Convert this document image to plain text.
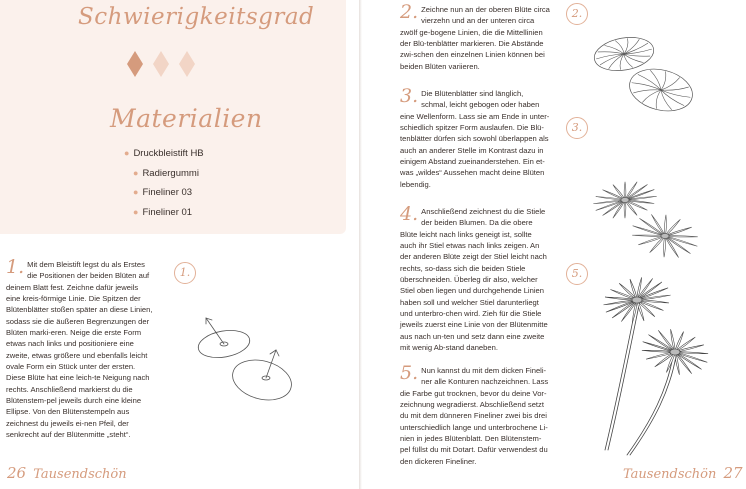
Schwierigkeitsgrad
Materialien
● Druckbleistift HB
● Radiergummi
● Fineliner 03
● Fineliner 01

1. Mit dem Bleistift legst du als Erstes die Positionen der beiden Blüten auf deinem Blatt fest. Zeichne dafür jeweils eine kreis-förmige Linie. Die Spitzen der Blütenblätter stoßen später an diese Linien, sodass sie die äußeren Begrenzungen der Blüten marki-eren. Neige die erste Form etwas nach links und positioniere eine zweite, etwas größere und ebenfalls leicht ovale Form ein Stück unter der ersten. Diese Blüte hat eine leich-te Neigung nach rechts. Anschließend markierst du die Blütenstem-pel jeweils durch eine kleine Ellipse. Von den Blütenstempeln aus zeichnest du jeweils ei-nen Pfeil, der senkrecht auf der Blütenmitte „steht“.

1.
26 Tausendschön

2. Zeichne nun an der oberen Blüte circa vierzehn und an der unteren circa zwölf ge-bogene Linien, die die Mittellinien der Blü-tenblätter markieren. Die Abstände zwi-schen den einzelnen Linien können bei beiden Blüten variieren.

3. Die Blütenblätter sind länglich, schmal, leicht gebogen oder haben eine Wellenform. Lass sie am Ende in unter-schiedlich spitzer Form auslaufen. Die Blü-tenblätter dürfen sich sowohl überlappen als auch an anderer Stelle im Kontrast dazu in einigem Abstand zueinanderstehen. Ein et-was „wildes“ Aussehen macht deine Blüten lebendig.

4. Anschließend zeichnest du die Stiele der beiden Blumen. Da die obere Blüte leicht nach links geneigt ist, sollte auch ihr Stiel etwas nach links zeigen. An der anderen Blüte zeigt der Stiel leicht nach rechts, so-dass sich die beiden Stiele überschneiden. Überleg dir also, welcher Stiel oben liegen und durchgehende Linien haben soll und welcher Stiel darunterliegt und unterbro-chen wird. Zieh für die Stiele jeweils zuerst eine Linie von der Blütenmitte aus nach un-ten und setz dann eine zweite mit wenig Ab-stand daneben.

5. Nun kannst du mit dem dicken Fineli-ner alle Konturen nachzeichnen. Lass die Farbe gut trocknen, bevor du deine Vor-zeichnung wegradierst. Abschließend setzt du mit dem dünneren Fineliner zwei bis drei unterschiedlich lange und unterbrochene Li-nien in jedes Blütenblatt. Den Blütenstem-pel füllst du mit Dotart. Dafür verwendest du den dickeren Fineliner.

2.
3.
5.
Tausendschön 27
